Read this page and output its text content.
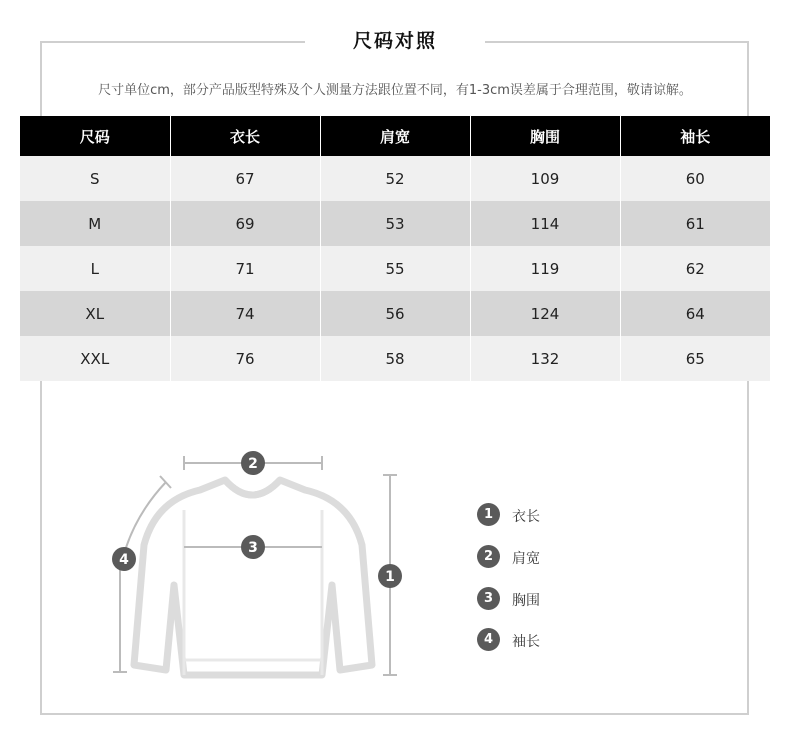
尺码对照
尺寸单位cm，部分产品版型特殊及个人测量方法跟位置不同，有1-3cm误差属于合理范围，敬请谅解。
尺码	衣长	肩宽	胸围	袖长
S	67	52	109	60
M	69	53	114	61
L	71	55	119	62
XL	74	56	124	64
XXL	76	58	132	65
2
3
1
4
1	衣长
2	肩宽
3	胸围
4	袖长
